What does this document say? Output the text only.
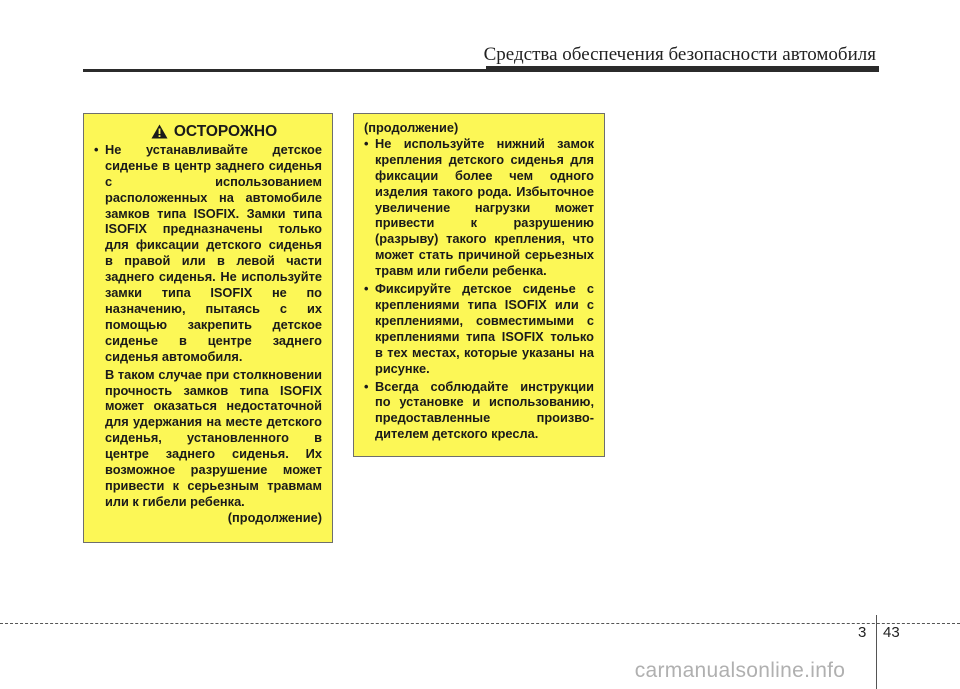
Средства обеспечения безопасности автомобиля
ОСТОРОЖНО
• Не устанавливайте детское сиденье в центр заднего сиденья с использованием расположенных на автомобиле замков типа ISOFIX. Замки типа ISOFIX предназначены только для фиксации детского сиденья в правой или в левой части заднего сиденья. Не используйте замки типа ISOFIX не по назначению, пытаясь с их помощью закрепить детское сиденье в центре заднего сиденья автомобиля.
В таком случае при столкновении прочность замков типа ISOFIX может оказаться недостаточной для удержания на месте детского сиденья, установленного в центре заднего сиденья. Их возможное разрушение может привести к серьезным травмам или к гибели ребенка.
(продолжение)
(продолжение)
• Не используйте нижний замок крепления детского сиденья для фиксации более чем одного изделия такого рода. Избыточное увеличение нагрузки может привести к разрушению (разрыву) такого крепления, что может стать причиной серьезных травм или гибели ребенка.
• Фиксируйте детское сиденье с креплениями типа ISOFIX или с креплениями, совместимыми с креплениями типа ISOFIX только в тех местах, которые указаны на рисунке.
• Всегда соблюдайте инструкции по установке и использованию, предоставленные произво-дителем детского кресла.
3 43
carmanualsonline.info
